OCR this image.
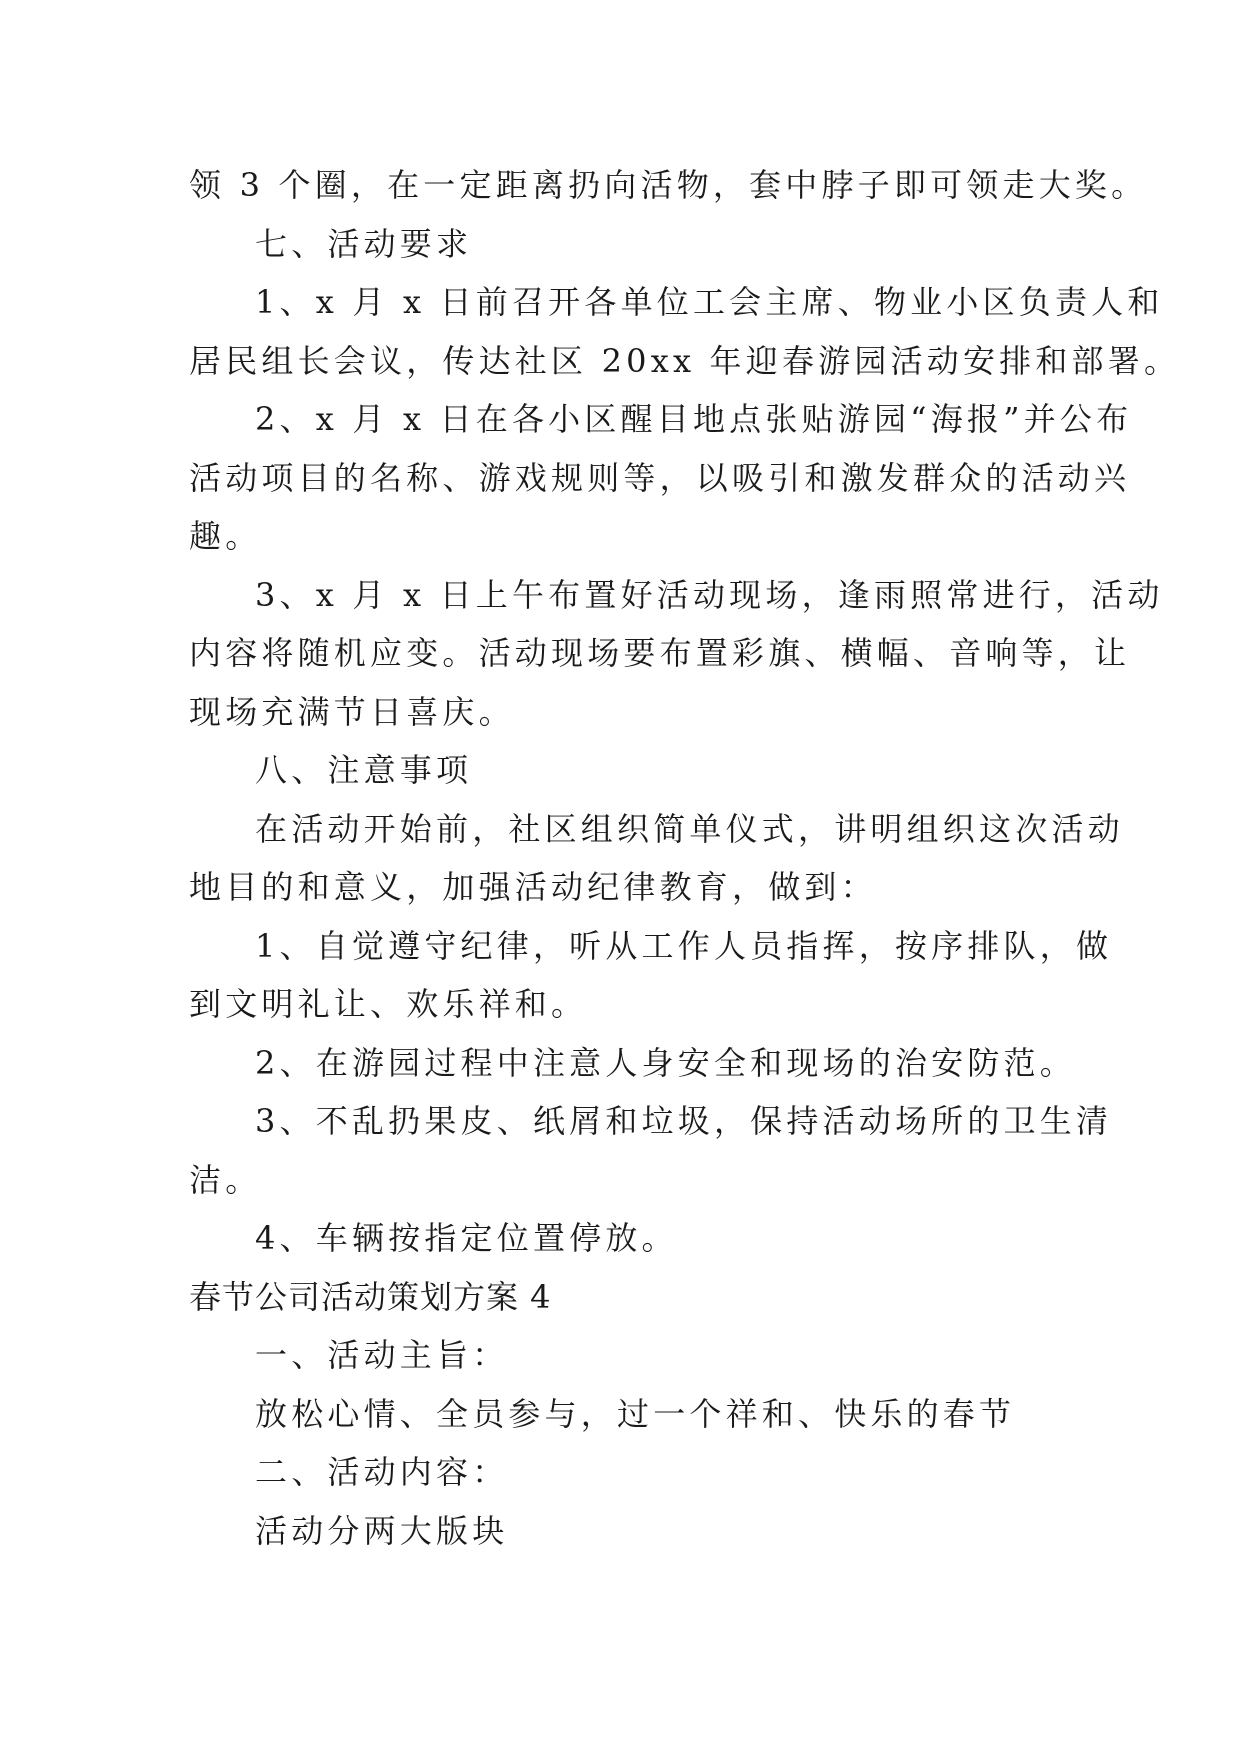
领 3 个圈，在一定距离扔向活物，套中脖子即可领走大奖。
七、活动要求
1、x 月 x 日前召开各单位工会主席、物业小区负责人和
居民组长会议，传达社区 20xx 年迎春游园活动安排和部署。
2、x 月 x 日在各小区醒目地点张贴游园“海报”并公布
活动项目的名称、游戏规则等，以吸引和激发群众的活动兴
趣。
3、x 月 x 日上午布置好活动现场，逢雨照常进行，活动
内容将随机应变。活动现场要布置彩旗、横幅、音响等，让
现场充满节日喜庆。
八、注意事项
在活动开始前，社区组织简单仪式，讲明组织这次活动
地目的和意义，加强活动纪律教育，做到：
1、自觉遵守纪律，听从工作人员指挥，按序排队，做
到文明礼让、欢乐祥和。
2、在游园过程中注意人身安全和现场的治安防范。
3、不乱扔果皮、纸屑和垃圾，保持活动场所的卫生清
洁。
4、车辆按指定位置停放。
春节公司活动策划方案 4
一、活动主旨：
放松心情、全员参与，过一个祥和、快乐的春节
二、活动内容：
活动分两大版块
